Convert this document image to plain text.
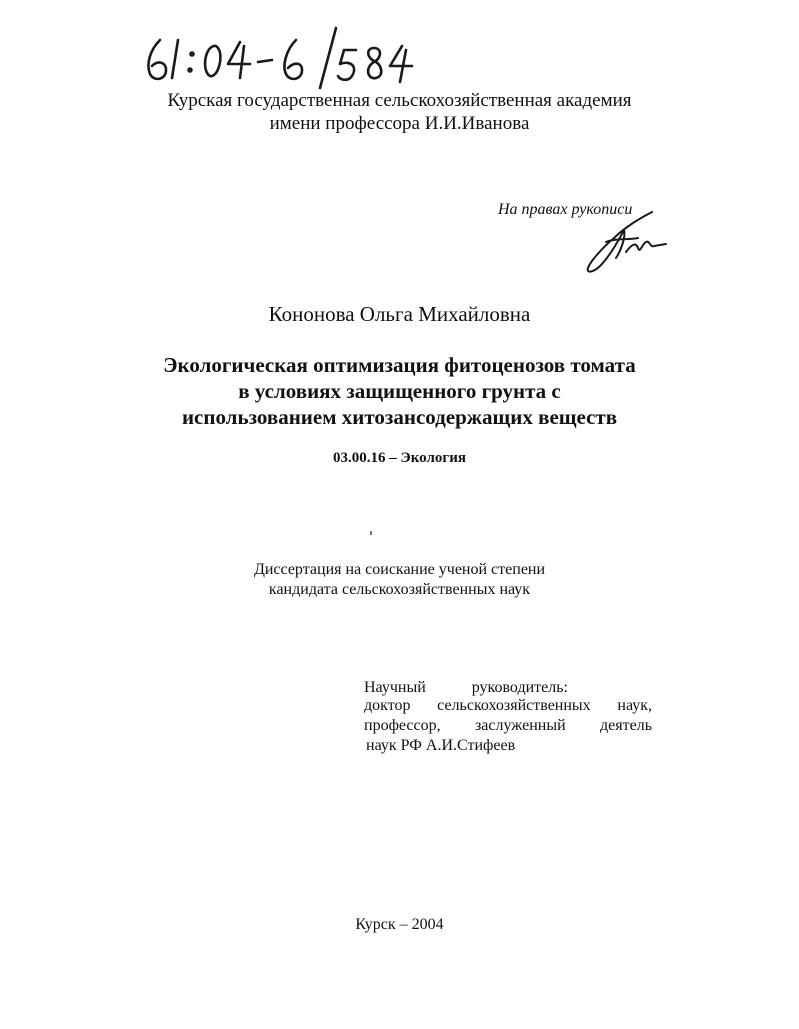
Курская государственная сельскохозяйственная академия
имени профессора И.И.Иванова
На правах рукописи
Кононова Ольга Михайловна
Экологическая оптимизация фитоценозов томата
в условиях защищенного грунта с
использованием хитозансодержащих веществ
03.00.16 – Экология
Диссертация на соискание ученой степени
кандидата сельскохозяйственных наук
Научный	руководитель:
доктор сельскохозяйственных наук,
профессор, заслуженный деятель
наук РФ А.И.Стифеев
Курск – 2004
